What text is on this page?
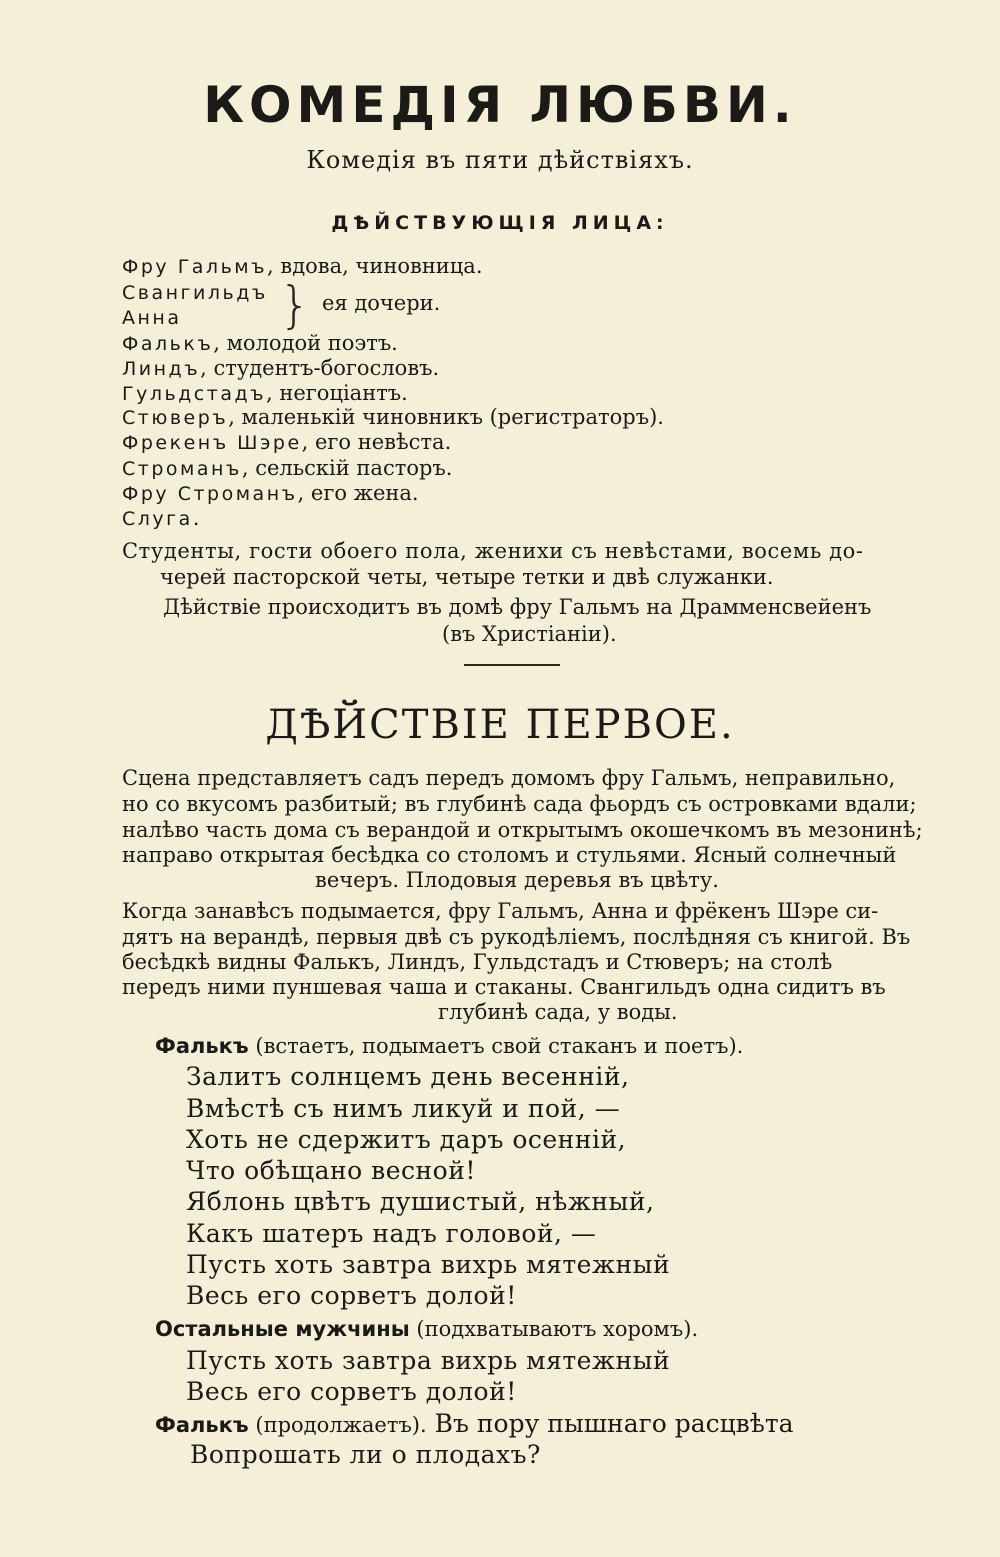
КОМЕДІЯ ЛЮБВИ.
Комедія въ пяти дѣйствіяхъ.
ДѢЙСТВУЮЩІЯ ЛИЦА:
Фру Гальмъ, вдова, чиновница.
Свангильдъ
Анна } ея дочери.
Фалькъ, молодой поэтъ.
Линдъ, студентъ-богословъ.
Гульдстадъ, негоціантъ.
Стюверъ, маленькій чиновникъ (регистраторъ).
Фрекенъ Шэре, его невѣста.
Строманъ, сельскій пасторъ.
Фру Строманъ, его жена.
Слуга.
Студенты, гости обоего пола, женихи съ невѣстами, восемь до-
черей пасторской четы, четыре тетки и двѣ служанки.
Дѣйствіе происходитъ въ домѣ фру Гальмъ на Драмменсвейенъ
(въ Христіаніи).
ДѢЙСТВІЕ ПЕРВОЕ.
Сцена представляетъ садъ передъ домомъ фру Гальмъ, неправильно,
но со вкусомъ разбитый; въ глубинѣ сада фьордъ съ островками вдали;
налѣво часть дома съ верандой и открытымъ окошечкомъ въ мезонинѣ;
направо открытая бесѣдка со столомъ и стульями. Ясный солнечный
вечеръ. Плодовыя деревья въ цвѣту.
Когда занавѣсъ подымается, фру Гальмъ, Анна и фрёкенъ Шэре си-
дятъ на верандѣ, первыя двѣ съ рукодѣліемъ, послѣдняя съ книгой. Въ
бесѣдкѣ видны Фалькъ, Линдъ, Гульдстадъ и Стюверъ; на столѣ
передъ ними пуншевая чаша и стаканы. Свангильдъ одна сидитъ въ
глубинѣ сада, у воды.
Фалькъ (встаетъ, подымаетъ свой стаканъ и поетъ).
Залитъ солнцемъ день весенній,
Вмѣстѣ съ нимъ ликуй и пой, —
Хоть не сдержитъ даръ осенній,
Что обѣщано весной!
Яблонь цвѣтъ душистый, нѣжный,
Какъ шатеръ надъ головой, —
Пусть хоть завтра вихрь мятежный
Весь его сорветъ долой!
Остальные мужчины (подхватываютъ хоромъ).
Пусть хоть завтра вихрь мятежный
Весь его сорветъ долой!
Фалькъ (продолжаетъ). Въ пору пышнаго расцвѣта
Вопрошать ли о плодахъ?
